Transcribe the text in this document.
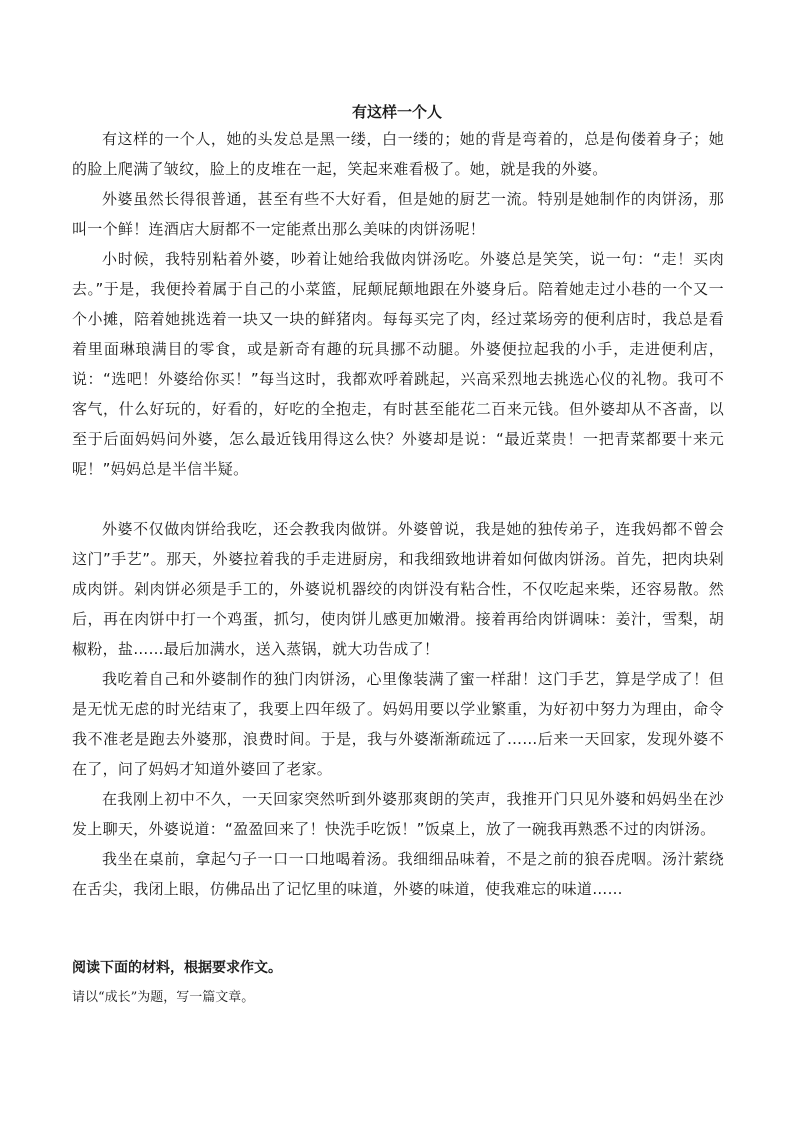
有这样一个人

有这样的一个人，她的头发总是黑一缕，白一缕的；她的背是弯着的，总是佝偻着身子；她的脸上爬满了皱纹，脸上的皮堆在一起，笑起来难看极了。她，就是我的外婆。

外婆虽然长得很普通，甚至有些不大好看，但是她的厨艺一流。特别是她制作的肉饼汤，那叫一个鲜！连酒店大厨都不一定能煮出那么美味的肉饼汤呢！

小时候，我特别粘着外婆，吵着让她给我做肉饼汤吃。外婆总是笑笑，说一句：“走！买肉去。”于是，我便拎着属于自己的小菜篮，屁颠屁颠地跟在外婆身后。陪着她走过小巷的一个又一个小摊，陪着她挑选着一块又一块的鲜猪肉。每每买完了肉，经过菜场旁的便利店时，我总是看着里面琳琅满目的零食，或是新奇有趣的玩具挪不动腿。外婆便拉起我的小手，走进便利店，说：“选吧！外婆给你买！”每当这时，我都欢呼着跳起，兴高采烈地去挑选心仪的礼物。我可不客气，什么好玩的，好看的，好吃的全抱走，有时甚至能花二百来元钱。但外婆却从不吝啬，以至于后面妈妈问外婆，怎么最近钱用得这么快？外婆却是说：“最近菜贵！一把青菜都要十来元呢！”妈妈总是半信半疑。

外婆不仅做肉饼给我吃，还会教我肉做饼。外婆曾说，我是她的独传弟子，连我妈都不曾会这门”手艺”。那天，外婆拉着我的手走进厨房，和我细致地讲着如何做肉饼汤。首先，把肉块剁成肉饼。剁肉饼必须是手工的，外婆说机器绞的肉饼没有粘合性，不仅吃起来柴，还容易散。然后，再在肉饼中打一个鸡蛋，抓匀，使肉饼儿感更加嫩滑。接着再给肉饼调味：姜汁，雪梨，胡椒粉，盐……最后加满水，送入蒸锅，就大功告成了！

我吃着自己和外婆制作的独门肉饼汤，心里像装满了蜜一样甜！这门手艺，算是学成了！但是无忧无虑的时光结束了，我要上四年级了。妈妈用要以学业繁重，为好初中努力为理由，命令我不准老是跑去外婆那，浪费时间。于是，我与外婆渐渐疏远了……后来一天回家，发现外婆不在了，问了妈妈才知道外婆回了老家。

在我刚上初中不久，一天回家突然听到外婆那爽朗的笑声，我推开门只见外婆和妈妈坐在沙发上聊天，外婆说道：“盈盈回来了！快洗手吃饭！”饭桌上，放了一碗我再熟悉不过的肉饼汤。

我坐在桌前，拿起勺子一口一口地喝着汤。我细细品味着，不是之前的狼吞虎咽。汤汁萦绕在舌尖，我闭上眼，仿佛品出了记忆里的味道，外婆的味道，使我难忘的味道……

阅读下面的材料，根据要求作文。
请以“成长”为题，写一篇文章。
